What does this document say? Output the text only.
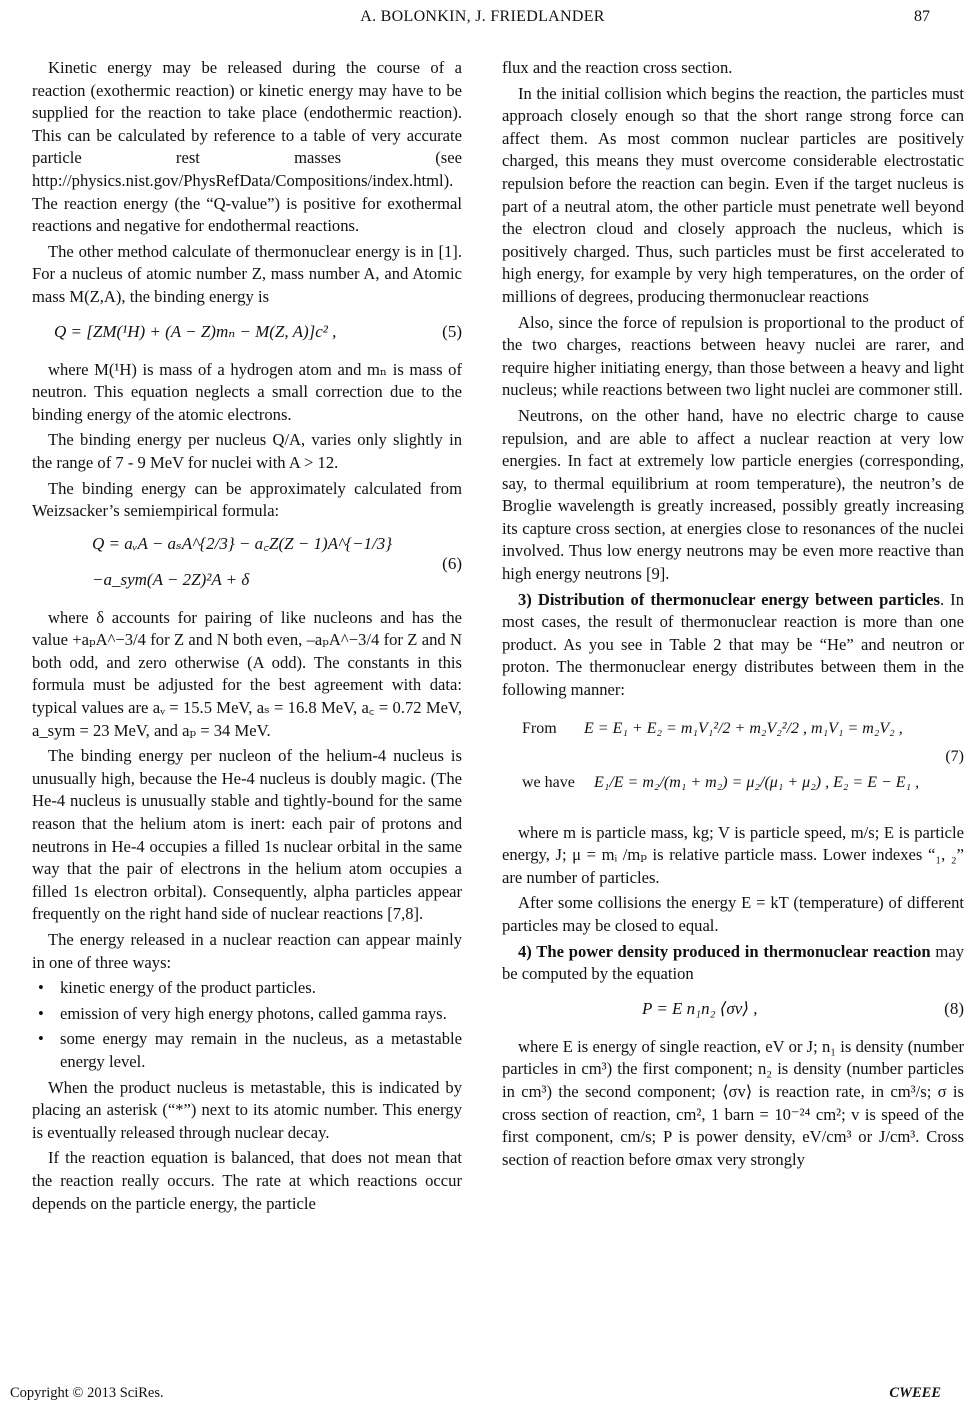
A. BOLONKIN, J. FRIEDLANDER	87

Kinetic energy may be released during the course of a reaction (exothermic reaction) or kinetic energy may have to be supplied for the reaction to take place (endothermic reaction). This can be calculated by reference to a table of very accurate particle rest masses (see http://physics.nist.gov/PhysRefData/Compositions/index.html). The reaction energy (the “Q-value”) is positive for exothermal reactions and negative for endothermal reactions.

The other method calculate of thermonuclear energy is in [1]. For a nucleus of atomic number Z, mass number A, and Atomic mass M(Z,A), the binding energy is

Q = [ZM(¹H) + (A − Z)mₙ − M(Z, A)]c² ,	(5)

where M(¹H) is mass of a hydrogen atom and mₙ is mass of neutron. This equation neglects a small correction due to the binding energy of the atomic electrons.

The binding energy per nucleus Q/A, varies only slightly in the range of 7 - 9 MeV for nuclei with A > 12.

The binding energy can be approximately calculated from Weizsacker’s semiempirical formula:

Q = aᵥA − aₛA^{2/3} − a꜀Z(Z − 1)A^{−1/3}
−a_sym(A − 2Z)²A + δ
(6)

where δ accounts for pairing of like nucleons and has the value +aₚA^−3/4 for Z and N both even, –aₚA^−3/4 for Z and N both odd, and zero otherwise (A odd). The constants in this formula must be adjusted for the best agreement with data: typical values are aᵥ = 15.5 MeV, aₛ = 16.8 MeV, a꜀ = 0.72 MeV, a_sym = 23 MeV, and aₚ = 34 MeV.

The binding energy per nucleon of the helium-4 nucleus is unusually high, because the He-4 nucleus is doubly magic. (The He-4 nucleus is unusually stable and tightly-bound for the same reason that the helium atom is inert: each pair of protons and neutrons in He-4 occupies a filled 1s nuclear orbital in the same way that the pair of electrons in the helium atom occupies a filled 1s electron orbital). Consequently, alpha particles appear frequently on the right hand side of nuclear reactions [7,8].

The energy released in a nuclear reaction can appear mainly in one of three ways:

• kinetic energy of the product particles.
• emission of very high energy photons, called gamma rays.
• some energy may remain in the nucleus, as a metastable energy level.

When the product nucleus is metastable, this is indicated by placing an asterisk (“*”) next to its atomic number. This energy is eventually released through nuclear decay.

If the reaction equation is balanced, that does not mean that the reaction really occurs. The rate at which reactions occur depends on the particle energy, the particle

flux and the reaction cross section.

In the initial collision which begins the reaction, the particles must approach closely enough so that the short range strong force can affect them. As most common nuclear particles are positively charged, this means they must overcome considerable electrostatic repulsion before the reaction can begin. Even if the target nucleus is part of a neutral atom, the other particle must penetrate well beyond the electron cloud and closely approach the nucleus, which is positively charged. Thus, such particles must be first accelerated to high energy, for example by very high temperatures, on the order of millions of degrees, producing thermonuclear reactions

Also, since the force of repulsion is proportional to the product of the two charges, reactions between heavy nuclei are rarer, and require higher initiating energy, than those between a heavy and light nucleus; while reactions between two light nuclei are commoner still.

Neutrons, on the other hand, have no electric charge to cause repulsion, and are able to affect a nuclear reaction at very low energies. In fact at extremely low particle energies (corresponding, say, to thermal equilibrium at room temperature), the neutron’s de Broglie wavelength is greatly increased, possibly greatly increasing its capture cross section, at energies close to resonances of the nuclei involved. Thus low energy neutrons may be even more reactive than high energy neutrons [9].

3) Distribution of thermonuclear energy between particles. In most cases, the result of thermonuclear reaction is more than one product. As you see in Table 2 that may be “He” and neutron or proton. The thermonuclear energy distributes between them in the following manner:

From E = E₁ + E₂ = m₁V₁²/2 + m₂V₂²/2 , m₁V₁ = m₂V₂ ,
we have E₁/E = m₂/(m₁ + m₂) = μ₂/(μ₁ + μ₂) , E₂ = E − E₁ ,
(7)

where m is particle mass, kg; V is particle speed, m/s; E is particle energy, J; μ = mᵢ /mₚ is relative particle mass. Lower indexes “₁, ₂” are number of particles.

After some collisions the energy E = kT (temperature) of different particles may be closed to equal.

4) The power density produced in thermonuclear reaction may be computed by the equation

P = E n₁n₂ ⟨σv⟩ ,	(8)

where E is energy of single reaction, eV or J; n₁ is density (number particles in cm³) the first component; n₂ is density (number particles in cm³) the second component; ⟨σv⟩ is reaction rate, in cm³/s; σ is cross section of reaction, cm², 1 barn = 10⁻²⁴ cm²; v is speed of the first component, cm/s; P is power density, eV/cm³ or J/cm³. Cross section of reaction before σmax very strongly

Copyright © 2013 SciRes.	CWEEE
